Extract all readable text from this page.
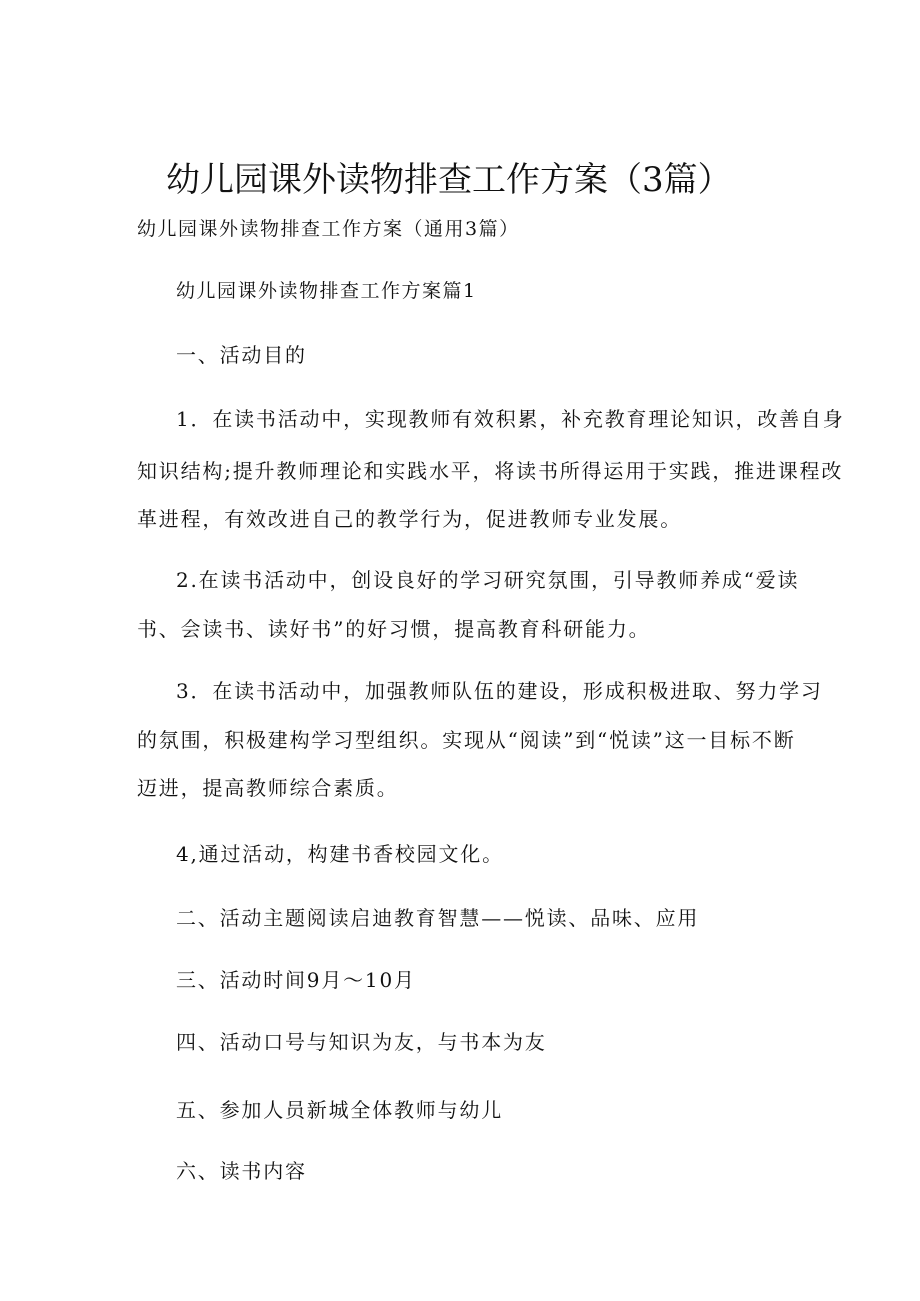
幼儿园课外读物排查工作方案（3篇）
幼儿园课外读物排查工作方案（通用3篇）
幼儿园课外读物排查工作方案篇1
一、活动目的
1．在读书活动中，实现教师有效积累，补充教育理论知识，改善自身
知识结构;提升教师理论和实践水平，将读书所得运用于实践，推进课程改
革进程，有效改进自己的教学行为，促进教师专业发展。
2.在读书活动中，创设良好的学习研究氛围，引导教师养成“爱读
书、会读书、读好书”的好习惯，提高教育科研能力。
3．在读书活动中，加强教师队伍的建设，形成积极进取、努力学习
的氛围，积极建构学习型组织。实现从“阅读”到“悦读”这一目标不断
迈进，提高教师综合素质。
4,通过活动，构建书香校园文化。
二、活动主题阅读启迪教育智慧——悦读、品味、应用
三、活动时间9月～10月
四、活动口号与知识为友，与书本为友
五、参加人员新城全体教师与幼儿
六、读书内容
